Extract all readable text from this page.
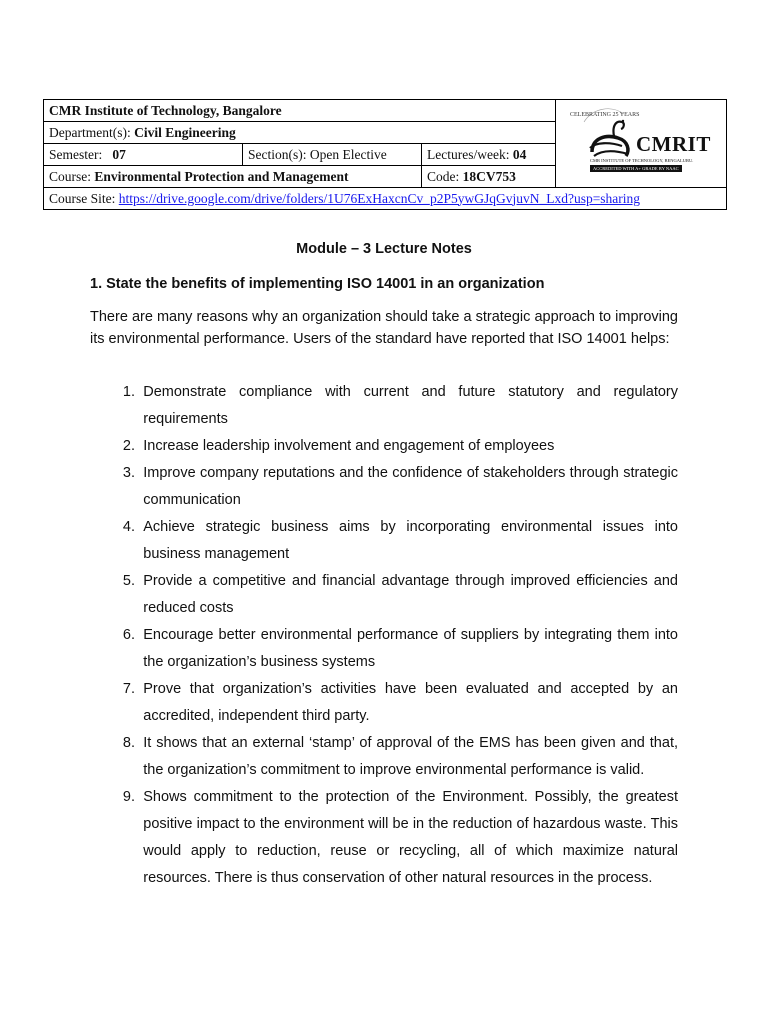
CMR Institute of Technology, Bangalore			CELEBRATING 25 YEARS
CMRIT
CMR INSTITUTE OF TECHNOLOGY, BENGALURU.
ACCREDITED WITH A+ GRADE BY NAAC

Department(s): Civil Engineering			
Semester: 07	Section(s): Open Elective	Lectures/week: 04	
Course: Environmental Protection and Management		Code: 18CV753	
Course Site: https://drive.google.com/drive/folders/1U76ExHaxcnCv_p2P5ywGJqGvjuvN_Lxd?usp=sharing			
Module – 3 Lecture Notes
1. State the benefits of implementing ISO 14001 in an organization

There are many reasons why an organization should take a strategic approach to improving its environmental performance. Users of the standard have reported that ISO 14001 helps:

1. Demonstrate compliance with current and future statutory and regulatory requirements
2. Increase leadership involvement and engagement of employees
3. Improve company reputations and the confidence of stakeholders through strategic communication
4. Achieve strategic business aims by incorporating environmental issues into business management
5. Provide a competitive and financial advantage through improved efficiencies and reduced costs
6. Encourage better environmental performance of suppliers by integrating them into the organization’s business systems
7. Prove that organization’s activities have been evaluated and accepted by an accredited, independent third party.
8. It shows that an external ‘stamp’ of approval of the EMS has been given and that, the organization’s commitment to improve environmental performance is valid.
9. Shows commitment to the protection of the Environment. Possibly, the greatest positive impact to the environment will be in the reduction of hazardous waste. This would apply to reduction, reuse or recycling, all of which maximize natural resources. There is thus conservation of other natural resources in the process.
